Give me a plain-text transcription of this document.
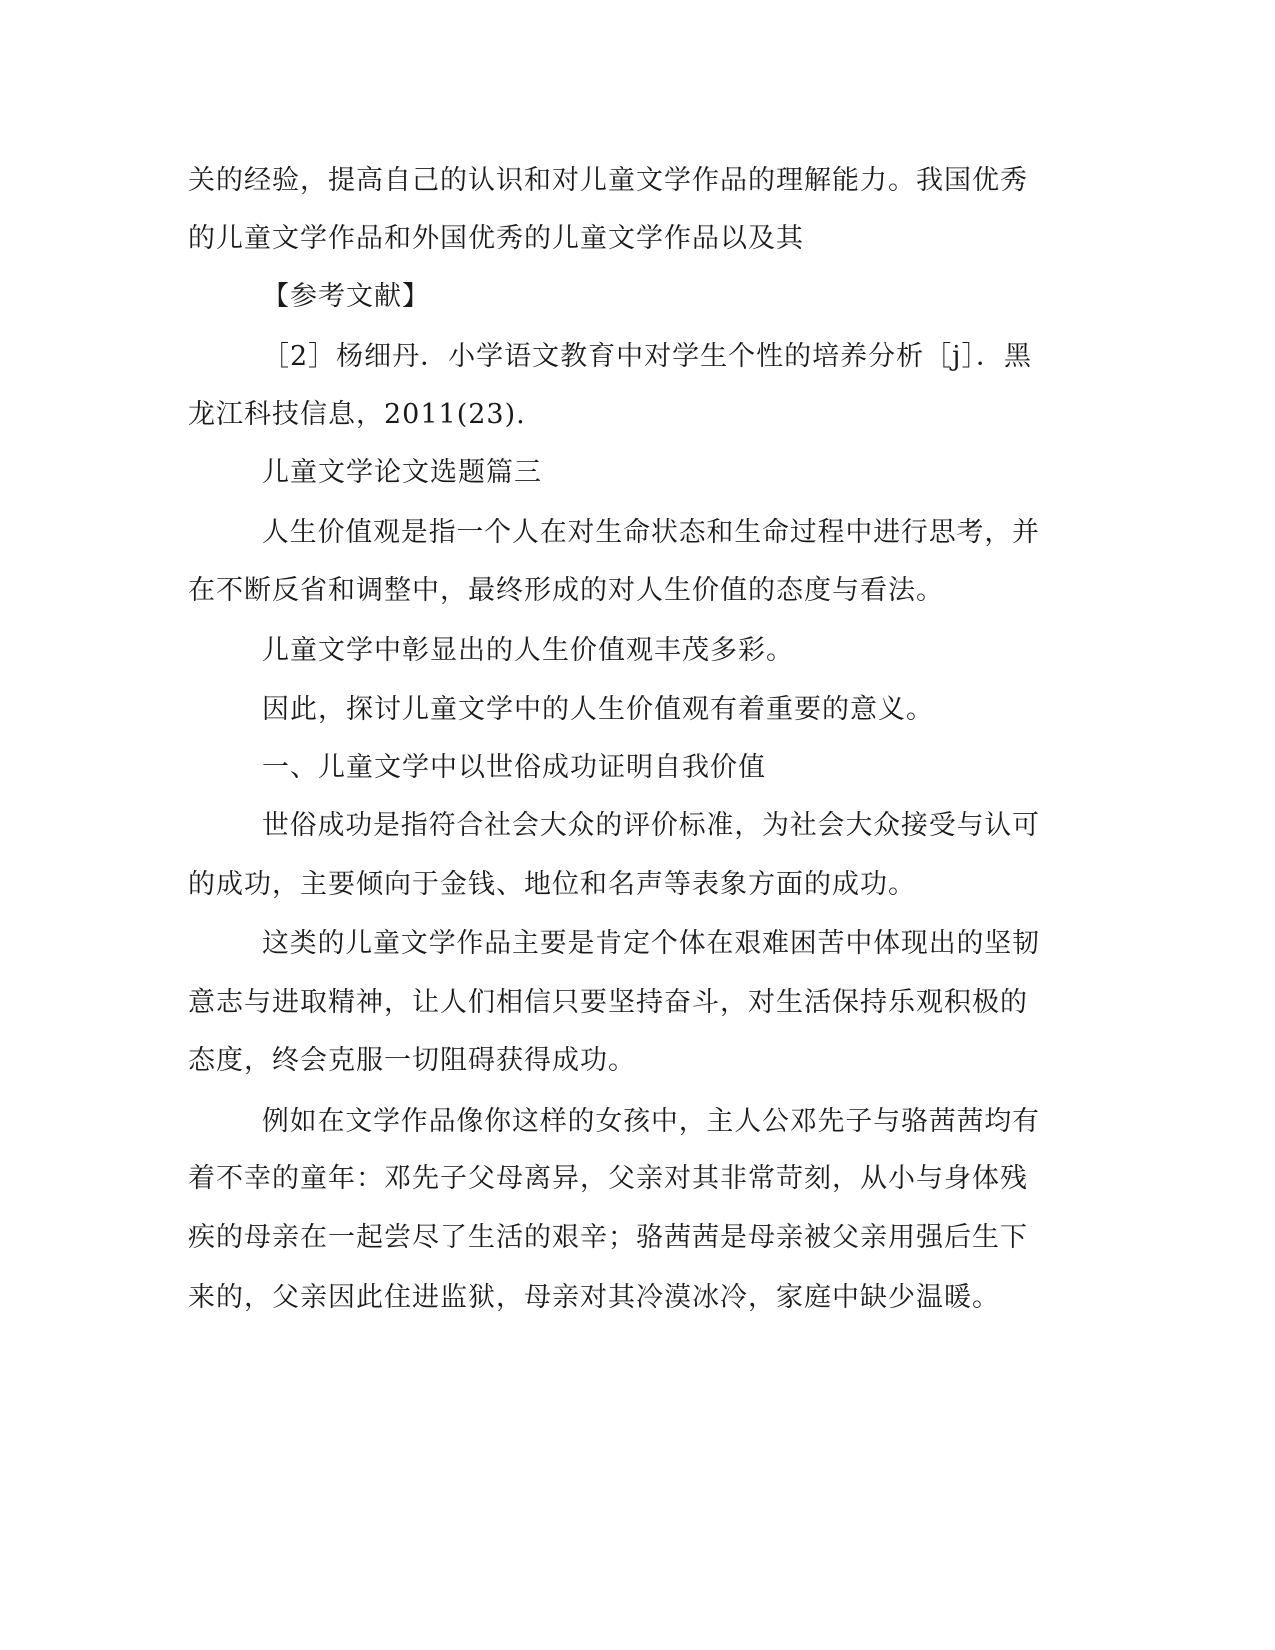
关的经验，提高自己的认识和对儿童文学作品的理解能力。我国优秀
的儿童文学作品和外国优秀的儿童文学作品以及其
【参考文献】
［2］杨细丹．小学语文教育中对学生个性的培养分析［j］．黑
龙江科技信息，2011(23).
儿童文学论文选题篇三
人生价值观是指一个人在对生命状态和生命过程中进行思考，并
在不断反省和调整中，最终形成的对人生价值的态度与看法。
儿童文学中彰显出的人生价值观丰茂多彩。
因此，探讨儿童文学中的人生价值观有着重要的意义。
一、儿童文学中以世俗成功证明自我价值
世俗成功是指符合社会大众的评价标准，为社会大众接受与认可
的成功，主要倾向于金钱、地位和名声等表象方面的成功。
这类的儿童文学作品主要是肯定个体在艰难困苦中体现出的坚韧
意志与进取精神，让人们相信只要坚持奋斗，对生活保持乐观积极的
态度，终会克服一切阻碍获得成功。
例如在文学作品像你这样的女孩中，主人公邓先子与骆茜茜均有
着不幸的童年：邓先子父母离异，父亲对其非常苛刻，从小与身体残
疾的母亲在一起尝尽了生活的艰辛；骆茜茜是母亲被父亲用强后生下
来的，父亲因此住进监狱，母亲对其冷漠冰冷，家庭中缺少温暖。
